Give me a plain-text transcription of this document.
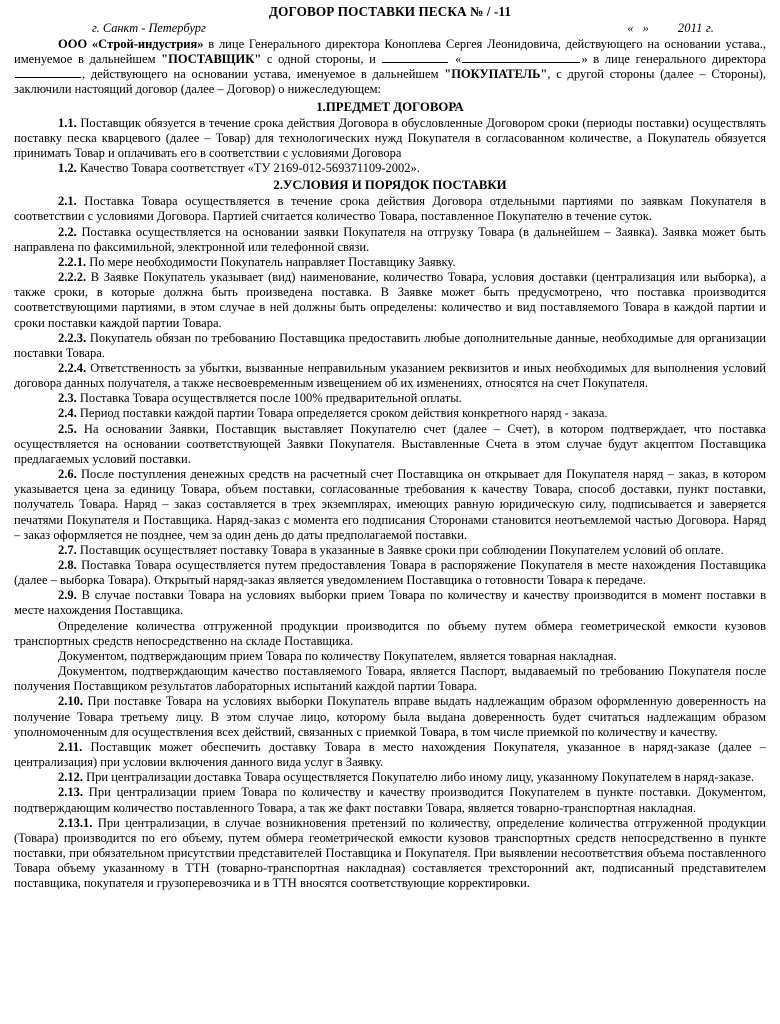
ДОГОВОР ПОСТАВКИ ПЕСКА № / -11
г. Санкт - Петербург	« » 2011 г.

ООО «Строй-индустрия» в лице Генерального директора Коноплева Сергея Леонидовича, действующего на основании устава., именуемое в дальнейшем "ПОСТАВЩИК" с одной стороны, и	«	» в лице генерального директора , действующего на основании устава, именуемое в дальнейшем "ПОКУПАТЕЛЬ", с другой стороны (далее – Стороны), заключили настоящий договор (далее – Договор) о нижеследующем:

1.ПРЕДМЕТ ДОГОВОРА

1.1. Поставщик обязуется в течение срока действия Договора в обусловленные Договором сроки (периоды поставки) осуществлять поставку песка кварцевого (далее – Товар) для технологических нужд Покупателя в согласованном количестве, а Покупатель обязуется принимать Товар и оплачивать его в соответствии с условиями Договора

1.2. Качество Товара соответствует «ТУ 2169-012-569371109-2002».

2.УСЛОВИЯ И ПОРЯДОК ПОСТАВКИ

2.1. Поставка Товара осуществляется в течение срока действия Договора отдельными партиями по заявкам Покупателя в соответствии с условиями Договора. Партией считается количество Товара, поставленное Покупателю в течение суток.

2.2. Поставка осуществляется на основании заявки Покупателя на отгрузку Товара (в дальнейшем – Заявка). Заявка может быть направлена по факсимильной, электронной или телефонной связи.

2.2.1. По мере необходимости Покупатель направляет Поставщику Заявку.

2.2.2. В Заявке Покупатель указывает (вид) наименование, количество Товара, условия доставки (централизация или выборка), а также сроки, в которые должна быть произведена поставка. В Заявке может быть предусмотрено, что поставка производится соответствующими партиями, в этом случае в ней должны быть определены: количество и вид поставляемого Товара в каждой партии и сроки поставки каждой партии Товара.

2.2.3. Покупатель обязан по требованию Поставщика предоставить любые дополнительные данные, необходимые для организации поставки Товара.

2.2.4. Ответственность за убытки, вызванные неправильным указанием реквизитов и иных необходимых для выполнения условий договора данных получателя, а также несвоевременным извещением об их изменениях, относятся на счет Покупателя.

2.3. Поставка Товара осуществляется после 100% предварительной оплаты.

2.4. Период поставки каждой партии Товара определяется сроком действия конкретного наряд - заказа.

2.5. На основании Заявки, Поставщик выставляет Покупателю счет (далее – Счет), в котором подтверждает, что поставка осуществляется на основании соответствующей Заявки Покупателя. Выставленные Счета в этом случае будут акцептом Поставщика предлагаемых условий поставки.

2.6. После поступления денежных средств на расчетный счет Поставщика он открывает для Покупателя наряд – заказ, в котором указывается цена за единицу Товара, объем поставки, согласованные требования к качеству Товара, способ доставки, пункт поставки, получатель Товара. Наряд – заказ составляется в трех экземплярах, имеющих равную юридическую силу, подписывается и заверяется печатями Покупателя и Поставщика. Наряд-заказ с момента его подписания Сторонами становится неотъемлемой частью Договора. Наряд – заказ оформляется не позднее, чем за один день до даты предполагаемой поставки.

2.7. Поставщик осуществляет поставку Товара в указанные в Заявке сроки при соблюдении Покупателем условий об оплате.

2.8. Поставка Товара осуществляется путем предоставления Товара в распоряжение Покупателя в месте нахождения Поставщика (далее – выборка Товара). Открытый наряд-заказ является уведомлением Поставщика о готовности Товара к передаче.

2.9. В случае поставки Товара на условиях выборки прием Товара по количеству и качеству производится в момент поставки в месте нахождения Поставщика.

Определение количества отгруженной продукции производится по объему путем обмера геометрической емкости кузовов транспортных средств непосредственно на складе Поставщика.

Документом, подтверждающим прием Товара по количеству Покупателем, является товарная накладная.

Документом, подтверждающим качество поставляемого Товара, является Паспорт, выдаваемый по требованию Покупателя после получения Поставщиком результатов лабораторных испытаний каждой партии Товара.

2.10. При поставке Товара на условиях выборки Покупатель вправе выдать надлежащим образом оформленную доверенность на получение Товара третьему лицу. В этом случае лицо, которому была выдана доверенность будет считаться надлежащим образом уполномоченным для осуществления всех действий, связанных с приемкой Товара, в том числе приемкой по количеству и качеству.

2.11. Поставщик может обеспечить доставку Товара в место нахождения Покупателя, указанное в наряд-заказе (далее – централизация) при условии включения данного вида услуг в Заявку.

2.12. При централизации доставка Товара осуществляется Покупателю либо иному лицу, указанному Покупателем в наряд-заказе.

2.13. При централизации прием Товара по количеству и качеству производится Покупателем в пункте поставки. Документом, подтверждающим количество поставленного Товара, а так же факт поставки Товара, является товарно-транспортная накладная.

2.13.1. При централизации, в случае возникновения претензий по количеству, определение количества отгруженной продукции (Товара) производится по его объему, путем обмера геометрической емкости кузовов транспортных средств непосредственно в пункте поставки, при обязательном присутствии представителей Поставщика и Покупателя. При выявлении несоответствия объема поставленного Товара объему указанному в ТТН (товарно-транспортная накладная) составляется трехсторонний акт, подписанный представителем поставщика, покупателя и грузоперевозчика и в ТТН вносятся соответствующие корректировки.
